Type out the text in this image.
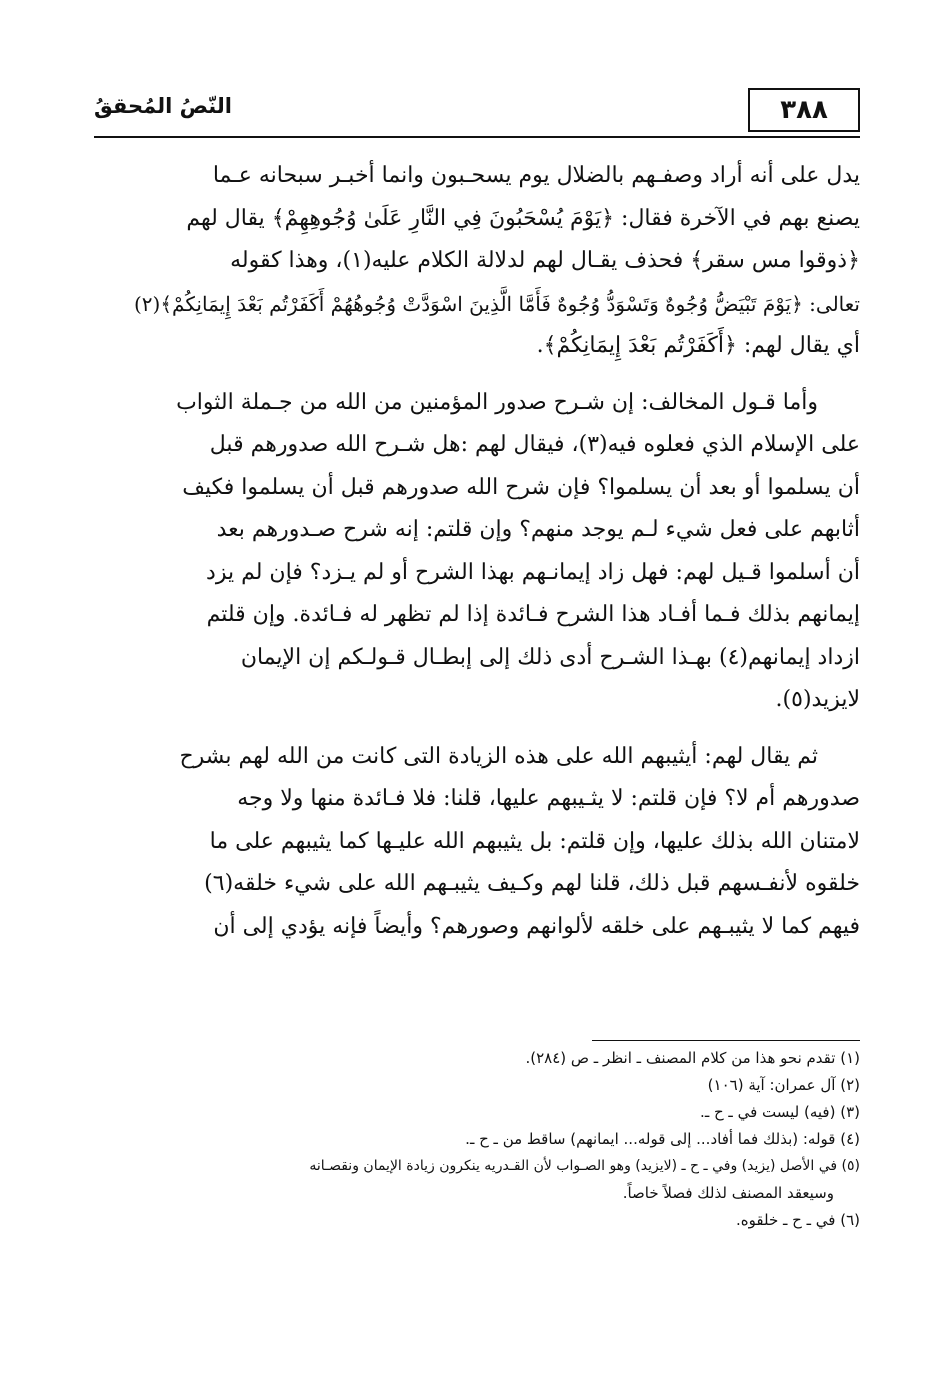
٣٨٨
النّصُ المُحققُ
يدل على أنه أراد وصفـهم بالضلال يوم يسحـبون وانما أخبـر سبحانه عـما
يصنع بهم في الآخرة فقال: ﴿يَوْمَ يُسْحَبُونَ فِي النَّارِ عَلَىٰ وُجُوهِهِمْ﴾ يقال لهم
﴿ذوقوا مس سقر﴾ فحذف يقـال لهم لدلالة الكلام عليه(١)، وهذا كقوله
تعالى: ﴿يَوْمَ تَبْيَضُّ وُجُوهٌ وَتَسْوَدُّ وُجُوهٌ فَأَمَّا الَّذِينَ اسْوَدَّتْ وُجُوهُهُمْ أَكَفَرْتُم بَعْدَ إِيمَانِكُمْ﴾(٢)
أي يقال لهم: ﴿أَكَفَرْتُم بَعْدَ إِيمَانِكُمْ﴾.
وأما قـول المخالف: إن شـرح صدور المؤمنين من الله من جـملة الثواب
على الإسلام الذي فعلوه فيه(٣)، فيقال لهم :هل شـرح الله صدورهم قبل
أن يسلموا أو بعد أن يسلموا؟ فإن شرح الله صدورهم قبل أن يسلموا فكيف
أثابهم على فعل شيء لـم يوجد منهم؟ وإن قلتم: إنه شرح صـدورهم بعد
أن أسلموا قـيل لهم: فهل زاد إيمانـهم بهذا الشرح أو لم يـزد؟ فإن لم يزد
إيمانهم بذلك فـما أفـاد هذا الشرح فـائدة إذا لم تظهر له فـائدة. وإن قلتم
ازداد إيمانهم(٤) بهـذا الشـرح أدى ذلك إلى إبطـال قـولـكم إن الإيمان
لايزيد(٥).
ثم يقال لهم: أيثيبهم الله على هذه الزيادة التى كانت من الله لهم بشرح
صدورهم أم لا؟ فإن قلتم: لا يثـيبهم عليها، قلنا: فلا فـائدة منها ولا وجه
لامتنان الله بذلك عليها، وإن قلتم: بل يثيبهم الله عليـها كما يثيبهم على ما
خلقوه لأنفـسهم قبل ذلك، قلنا لهم وكـيف يثيبـهم الله على شيء خلقه(٦)
فيهم كما لا يثيبـهم على خلقه لألوانهم وصورهم؟ وأيضاً فإنه يؤدي إلى أن
(١) تقدم نحو هذا من كلام المصنف ـ انظر ـ ص (٢٨٤).
(٢) آل عمران: آية (١٠٦)
(٣) (فيه) ليست في ـ ح ـ.
(٤) قوله: (بذلك فما أفاد... إلى قوله... ايمانهم) ساقط من ـ ح ـ.
(٥) في الأصل (يزيد) وفي ـ ح ـ (لايزيد) وهو الصـواب لأن القـدريه ينكرون زيادة الإيمان ونقصـانه
وسيعقد المصنف لذلك فصلاً خاصاً.
(٦) في ـ ح ـ خلقوه.
